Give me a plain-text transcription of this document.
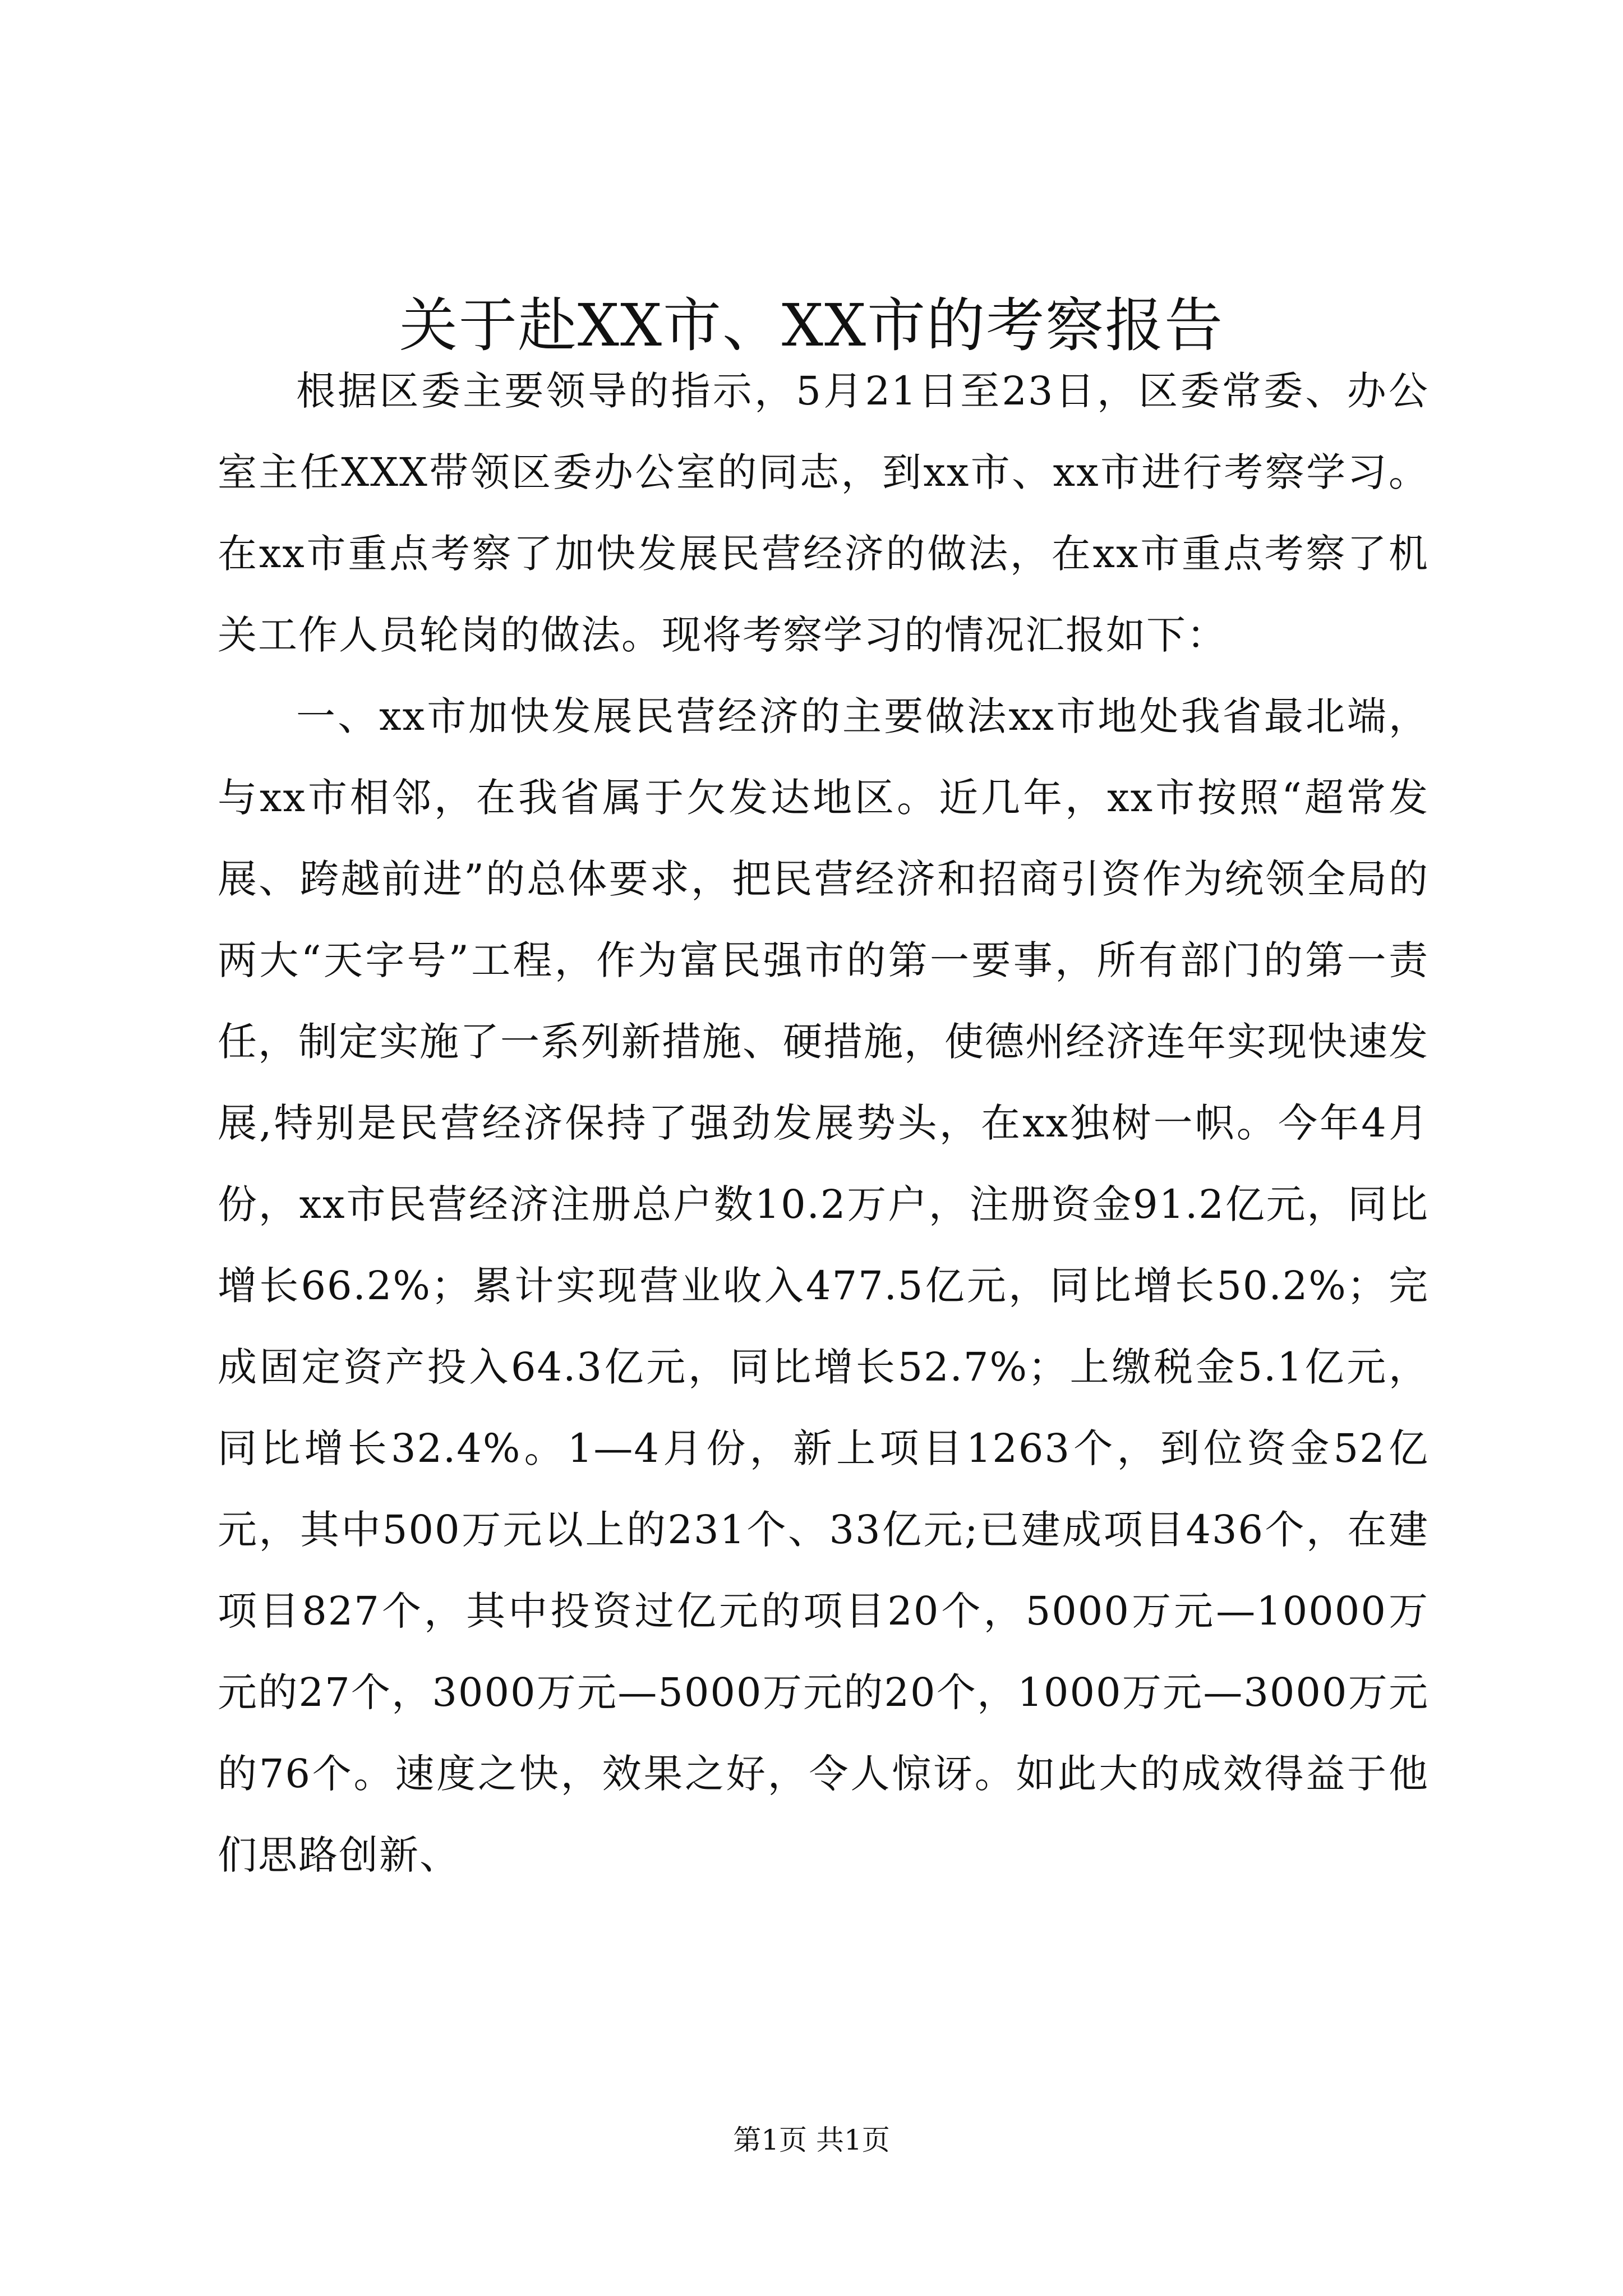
关于赴XX市、XX市的考察报告

根据区委主要领导的指示，5月21日至23日，区委常委、办公室主任XXX带领区委办公室的同志，到xx市、xx市进行考察学习。在xx市重点考察了加快发展民营经济的做法，在xx市重点考察了机关工作人员轮岗的做法。现将考察学习的情况汇报如下：

一、xx市加快发展民营经济的主要做法xx市地处我省最北端，与xx市相邻，在我省属于欠发达地区。近几年，xx市按照“超常发展、跨越前进”的总体要求，把民营经济和招商引资作为统领全局的两大“天字号”工程，作为富民强市的第一要事，所有部门的第一责任，制定实施了一系列新措施、硬措施，使德州经济连年实现快速发展,特别是民营经济保持了强劲发展势头，在xx独树一帜。今年4月份，xx市民营经济注册总户数10.2万户，注册资金91.2亿元，同比增长66.2%；累计实现营业收入477.5亿元，同比增长50.2%；完成固定资产投入64.3亿元，同比增长52.7%；上缴税金5.1亿元，同比增长32.4%。1—4月份，新上项目1263个，到位资金52亿元，其中500万元以上的231个、33亿元;已建成项目436个，在建项目827个，其中投资过亿元的项目20个，5000万元—10000万元的27个，3000万元—5000万元的20个，1000万元—3000万元的76个。速度之快，效果之好，令人惊讶。如此大的成效得益于他们思路创新、

第1页 共1页
